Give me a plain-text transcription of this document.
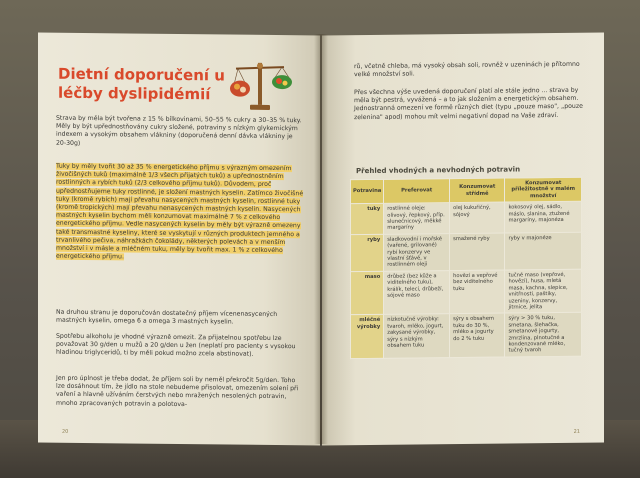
Dietní doporučení u léčby dyslipidémií
Strava by měla být tvořena z 15 % bílkovinami, 50–55 % cukry a 30–35 % tuky. Měly by být upřednostňovány cukry složené, potraviny s nízkým glykemickým indexem a vysokým obsahem vlákniny (doporučená denní dávka vlákniny je 20-30g)
Tuky by měly tvořit 30 až 35 % energetického příjmu s výrazným omezením živočišných tuků (maximálně 1/3 všech přijatých tuků) a upřednostněním rostlinných a rybích tuků (2/3 celkového příjmu tuků). Důvodem, proč upřednostňujeme tuky rostlinné, je složení mastných kyselin. Zatímco živočišné tuky (kromě rybích) mají převahu nasycených mastných kyselin, rostlinné tuky (kromě tropických) mají převahu nenasycených mastných kyselin. Nasycených mastných kyselin bychom měli konzumovat maximálně 7 % z celkového energetického příjmu. Vedle nasycených kyselin by měly být výrazně omezeny také transmastné kyseliny, které se vyskytují v různých produktech jemného a trvanlivého pečiva, náhražkách čokolády, některých polevách a v menším množství i v másle a mléčném tuku, měly by tvořit max. 1 % z celkového energetického příjmu.
Na druhou stranu je doporučován dostatečný příjem vícenenasycených mastných kyselin, omega 6 a omega 3 mastných kyselin.
Spotřebu alkoholu je vhodné výrazně omezit. Za přijatelnou spotřebu lze považovat 30 g/den u mužů a 20 g/den u žen (neplatí pro pacienty s vysokou hladinou triglyceridů, ti by měli pokud možno zcela abstinovat).
Jen pro úplnost je třeba dodat, že příjem soli by neměl překročit 5g/den. Toho lze dosáhnout tím, že jídlo na stole nebudeme přisolovat, omezením solení při vaření a hlavně užíváním čerstvých nebo mražených nesolených potravin, mnoho zpracovaných potravin a polotova-
20
rů, včetně chleba, má vysoký obsah soli, rovněž v uzeninách je přítomno velké množství soli.
Přes všechna výše uvedená doporučení platí ale stále jedno ... strava by měla být pestrá, vyvážená – a to jak složením a energetickým obsahem. Jednostranná omezení ve formě různých diet (typu „pouze maso", „pouze zelenina" apod) mohou mít velmi negativní dopad na Vaše zdraví.
Přehled vhodných a nevhodných potravin
Potravina	Preferovat	Konzumovat střídmě	Konzumovat příležitostně v malém množství
tuky	rostlinné oleje: olivový, řepkový, příp. slunečnicový, měkké margaríny	olej kukuřičný, sójový	kokosový olej, sádlo, máslo, slanina, ztužené margaríny, majonéza
ryby	sladkovodní i mořské (vařené, grilované) rybí konzervy ve vlastní šťávě, v rostlinném oleji	smažené ryby	ryby v majonéze
maso	drůbež (bez kůže a viditelného tuku), králík, telecí, drůbeží, sójové maso	hovězí a vepřové bez viditelného tuku	tučné maso (vepřové, hovězí), husa, mletá masa, kachna, slepice, vnitřnosti, paštiky, uzeniny, konzervy, jitrnice, jelita
mléčné výrobky	nízkotučné výrobky: tvaroh, mléko, jogurt, zakysané výrobky, sýry s nízkým obsahem tuku	sýry s obsahem tuku do 30 %, mléko a jogurty do 2 % tuku	sýry > 30 % tuku, smetana, šlehačka, smetanové jogurty, zmrzlina, plnotučné a kondenzované mléko, tučný tvaroh
21
